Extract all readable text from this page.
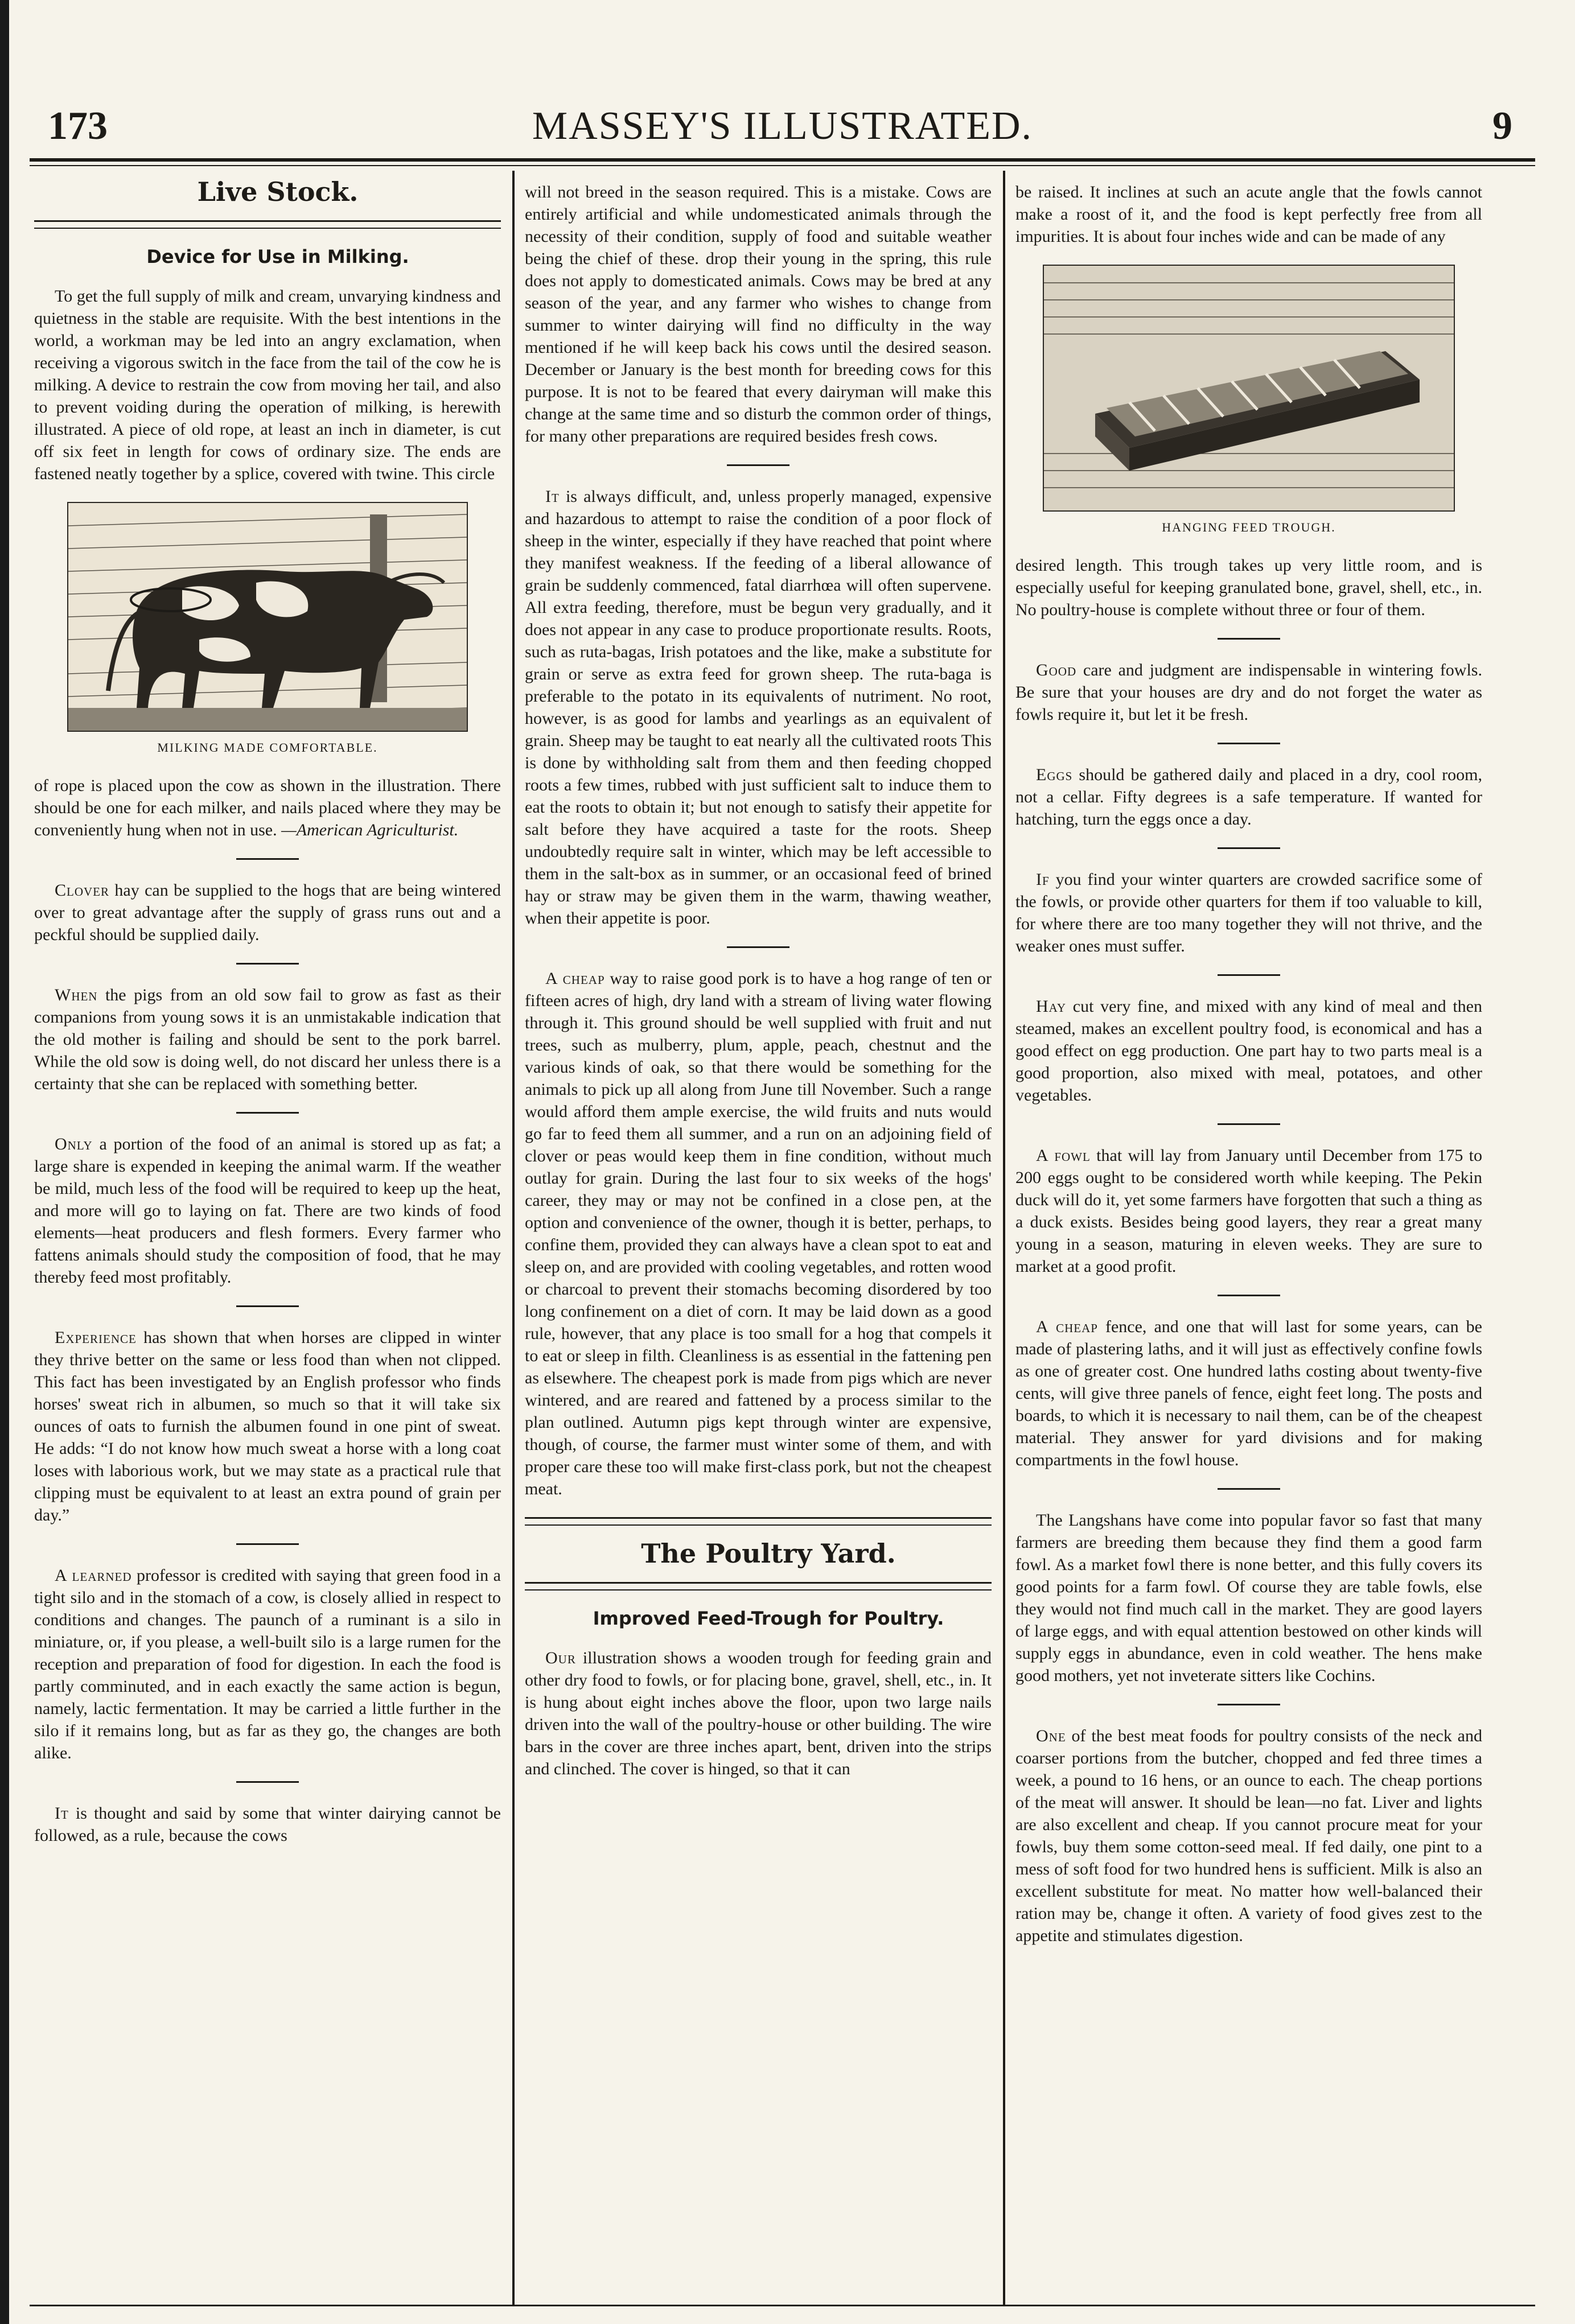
173	MASSEY'S ILLUSTRATED.	9

Live Stock.

Device for Use in Milking.

To get the full supply of milk and cream, unvarying kindness and quietness in the stable are requisite. With the best intentions in the world, a workman may be led into an angry exclamation, when receiving a vigorous switch in the face from the tail of the cow he is milking. A device to restrain the cow from moving her tail, and also to prevent voiding during the operation of milking, is herewith illustrated. A piece of old rope, at least an inch in diameter, is cut off six feet in length for cows of ordinary size. The ends are fastened neatly together by a splice, covered with twine. This circle

MILKING MADE COMFORTABLE.

of rope is placed upon the cow as shown in the illustration. There should be one for each milker, and nails placed where they may be conveniently hung when not in use. —American Agriculturist.

Clover hay can be supplied to the hogs that are being wintered over to great advantage after the supply of grass runs out and a peckful should be supplied daily.

When the pigs from an old sow fail to grow as fast as their companions from young sows it is an unmistakable indication that the old mother is failing and should be sent to the pork barrel. While the old sow is doing well, do not discard her unless there is a certainty that she can be replaced with something better.

Only a portion of the food of an animal is stored up as fat; a large share is expended in keeping the animal warm. If the weather be mild, much less of the food will be required to keep up the heat, and more will go to laying on fat. There are two kinds of food elements—heat producers and flesh formers. Every farmer who fattens animals should study the composition of food, that he may thereby feed most profitably.

Experience has shown that when horses are clipped in winter they thrive better on the same or less food than when not clipped. This fact has been investigated by an English professor who finds horses' sweat rich in albumen, so much so that it will take six ounces of oats to furnish the albumen found in one pint of sweat. He adds: “I do not know how much sweat a horse with a long coat loses with laborious work, but we may state as a practical rule that clipping must be equivalent to at least an extra pound of grain per day.”

A learned professor is credited with saying that green food in a tight silo and in the stomach of a cow, is closely allied in respect to conditions and changes. The paunch of a ruminant is a silo in miniature, or, if you please, a well-built silo is a large rumen for the reception and preparation of food for digestion. In each the food is partly comminuted, and in each exactly the same action is begun, namely, lactic fermentation. It may be carried a little further in the silo if it remains long, but as far as they go, the changes are both alike.

It is thought and said by some that winter dairying cannot be followed, as a rule, because the cows

will not breed in the season required. This is a mistake. Cows are entirely artificial and while undomesticated animals through the necessity of their condition, supply of food and suitable weather being the chief of these. drop their young in the spring, this rule does not apply to domesticated animals. Cows may be bred at any season of the year, and any farmer who wishes to change from summer to winter dairying will find no difficulty in the way mentioned if he will keep back his cows until the desired season. December or January is the best month for breeding cows for this purpose. It is not to be feared that every dairyman will make this change at the same time and so disturb the common order of things, for many other preparations are required besides fresh cows.

It is always difficult, and, unless properly managed, expensive and hazardous to attempt to raise the condition of a poor flock of sheep in the winter, especially if they have reached that point where they manifest weakness. If the feeding of a liberal allowance of grain be suddenly commenced, fatal diarrhœa will often supervene. All extra feeding, therefore, must be begun very gradually, and it does not appear in any case to produce proportionate results. Roots, such as ruta-bagas, Irish potatoes and the like, make a substitute for grain or serve as extra feed for grown sheep. The ruta-baga is preferable to the potato in its equivalents of nutriment. No root, however, is as good for lambs and yearlings as an equivalent of grain. Sheep may be taught to eat nearly all the cultivated roots This is done by withholding salt from them and then feeding chopped roots a few times, rubbed with just sufficient salt to induce them to eat the roots to obtain it; but not enough to satisfy their appetite for salt before they have acquired a taste for the roots. Sheep undoubtedly require salt in winter, which may be left accessible to them in the salt-box as in summer, or an occasional feed of brined hay or straw may be given them in the warm, thawing weather, when their appetite is poor.

A cheap way to raise good pork is to have a hog range of ten or fifteen acres of high, dry land with a stream of living water flowing through it. This ground should be well supplied with fruit and nut trees, such as mulberry, plum, apple, peach, chestnut and the various kinds of oak, so that there would be something for the animals to pick up all along from June till November. Such a range would afford them ample exercise, the wild fruits and nuts would go far to feed them all summer, and a run on an adjoining field of clover or peas would keep them in fine condition, without much outlay for grain. During the last four to six weeks of the hogs' career, they may or may not be confined in a close pen, at the option and convenience of the owner, though it is better, perhaps, to confine them, provided they can always have a clean spot to eat and sleep on, and are provided with cooling vegetables, and rotten wood or charcoal to prevent their stomachs becoming disordered by too long confinement on a diet of corn. It may be laid down as a good rule, however, that any place is too small for a hog that compels it to eat or sleep in filth. Cleanliness is as essential in the fattening pen as elsewhere. The cheapest pork is made from pigs which are never wintered, and are reared and fattened by a process similar to the plan outlined. Autumn pigs kept through winter are expensive, though, of course, the farmer must winter some of them, and with proper care these too will make first-class pork, but not the cheapest meat.

The Poultry Yard.

Improved Feed-Trough for Poultry.

Our illustration shows a wooden trough for feeding grain and other dry food to fowls, or for placing bone, gravel, shell, etc., in. It is hung about eight inches above the floor, upon two large nails driven into the wall of the poultry-house or other building. The wire bars in the cover are three inches apart, bent, driven into the strips and clinched. The cover is hinged, so that it can

be raised. It inclines at such an acute angle that the fowls cannot make a roost of it, and the food is kept perfectly free from all impurities. It is about four inches wide and can be made of any

HANGING FEED TROUGH.

desired length. This trough takes up very little room, and is especially useful for keeping granulated bone, gravel, shell, etc., in. No poultry-house is complete without three or four of them.

Good care and judgment are indispensable in wintering fowls. Be sure that your houses are dry and do not forget the water as fowls require it, but let it be fresh.

Eggs should be gathered daily and placed in a dry, cool room, not a cellar. Fifty degrees is a safe temperature. If wanted for hatching, turn the eggs once a day.

If you find your winter quarters are crowded sacrifice some of the fowls, or provide other quarters for them if too valuable to kill, for where there are too many together they will not thrive, and the weaker ones must suffer.

Hay cut very fine, and mixed with any kind of meal and then steamed, makes an excellent poultry food, is economical and has a good effect on egg production. One part hay to two parts meal is a good proportion, also mixed with meal, potatoes, and other vegetables.

A fowl that will lay from January until December from 175 to 200 eggs ought to be considered worth while keeping. The Pekin duck will do it, yet some farmers have forgotten that such a thing as a duck exists. Besides being good layers, they rear a great many young in a season, maturing in eleven weeks. They are sure to market at a good profit.

A cheap fence, and one that will last for some years, can be made of plastering laths, and it will just as effectively confine fowls as one of greater cost. One hundred laths costing about twenty-five cents, will give three panels of fence, eight feet long. The posts and boards, to which it is necessary to nail them, can be of the cheapest material. They answer for yard divisions and for making compartments in the fowl house.

The Langshans have come into popular favor so fast that many farmers are breeding them because they find them a good farm fowl. As a market fowl there is none better, and this fully covers its good points for a farm fowl. Of course they are table fowls, else they would not find much call in the market. They are good layers of large eggs, and with equal attention bestowed on other kinds will supply eggs in abundance, even in cold weather. The hens make good mothers, yet not inveterate sitters like Cochins.

One of the best meat foods for poultry consists of the neck and coarser portions from the butcher, chopped and fed three times a week, a pound to 16 hens, or an ounce to each. The cheap portions of the meat will answer. It should be lean—no fat. Liver and lights are also excellent and cheap. If you cannot procure meat for your fowls, buy them some cotton-seed meal. If fed daily, one pint to a mess of soft food for two hundred hens is sufficient. Milk is also an excellent substitute for meat. No matter how well-balanced their ration may be, change it often. A variety of food gives zest to the appetite and stimulates digestion.
